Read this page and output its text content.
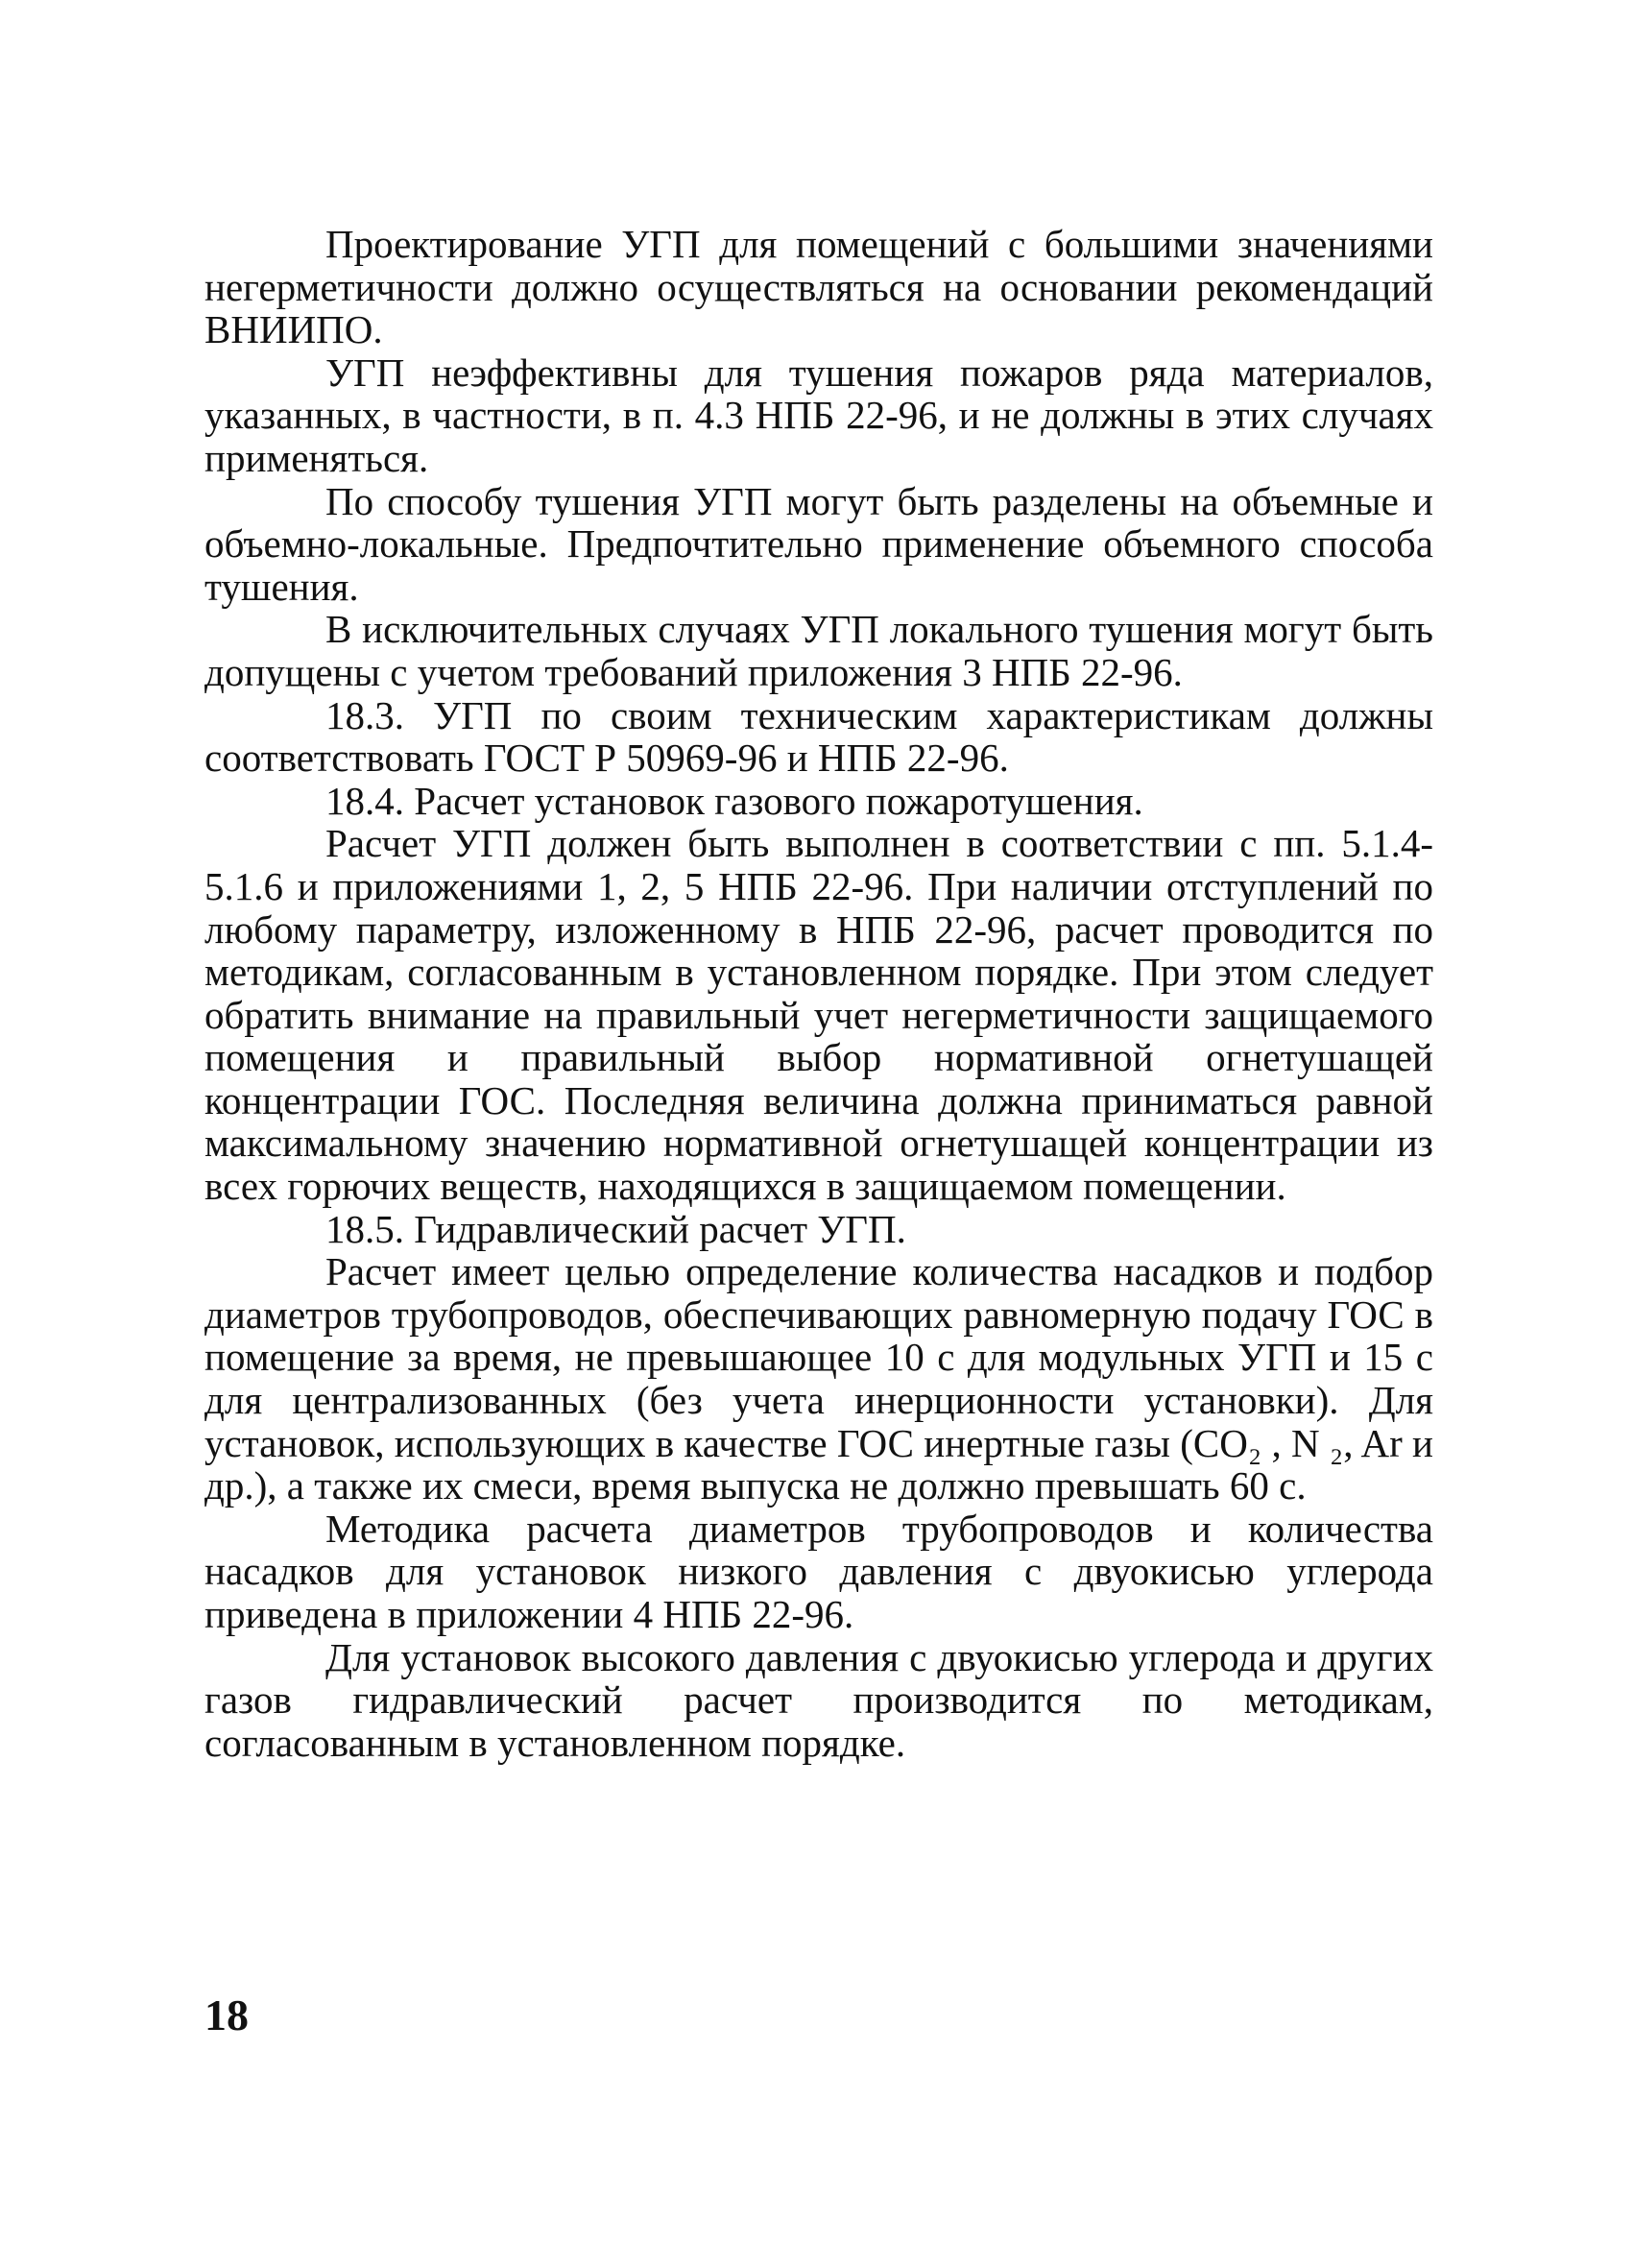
Проектирование УГП для помещений с большими значениями негерметичности должно осуществляться на основании рекомендаций ВНИИПО.

УГП неэффективны для тушения пожаров ряда материалов, указанных, в частности, в п. 4.3 НПБ 22-96, и не должны в этих случаях применяться.

По способу тушения УГП могут быть разделены на объемные и объемно-локальные. Предпочтительно применение объемного способа тушения.

В исключительных случаях УГП локального тушения могут быть допущены с учетом требований приложения 3 НПБ 22-96.

18.3. УГП по своим техническим характеристикам должны соответствовать ГОСТ Р 50969-96 и НПБ 22-96.

18.4. Расчет установок газового пожаротушения.

Расчет УГП должен быть выполнен в соответствии с пп. 5.1.4-5.1.6 и приложениями 1, 2, 5 НПБ 22-96. При наличии отступлений по любому параметру, изложенному в НПБ 22-96, расчет проводится по методикам, согласованным в установленном порядке. При этом следует обратить внимание на правильный учет негерметичности защищаемого помещения и правильный выбор нормативной огнетушащей концентрации ГОС. Последняя величина должна приниматься равной максимальному значению нормативной огнетушащей концентрации из всех горючих веществ, находящихся в защищаемом помещении.

18.5. Гидравлический расчет УГП.

Расчет имеет целью определение количества насадков и подбор диаметров трубопроводов, обеспечивающих равномерную подачу ГОС в помещение за время, не превышающее 10 с для модульных УГП и 15 с для централизованных (без учета инерционности установки). Для установок, использующих в качестве ГОС инертные газы (CO₂ , N ₂, Ar и др.), а также их смеси, время выпуска не должно превышать 60 с.

Методика расчета диаметров трубопроводов и количества насадков для установок низкого давления с двуокисью углерода приведена в приложении 4 НПБ 22-96.

Для установок высокого давления с двуокисью углерода и других газов гидравлический расчет производится по методикам, согласованным в установленном порядке.

18
